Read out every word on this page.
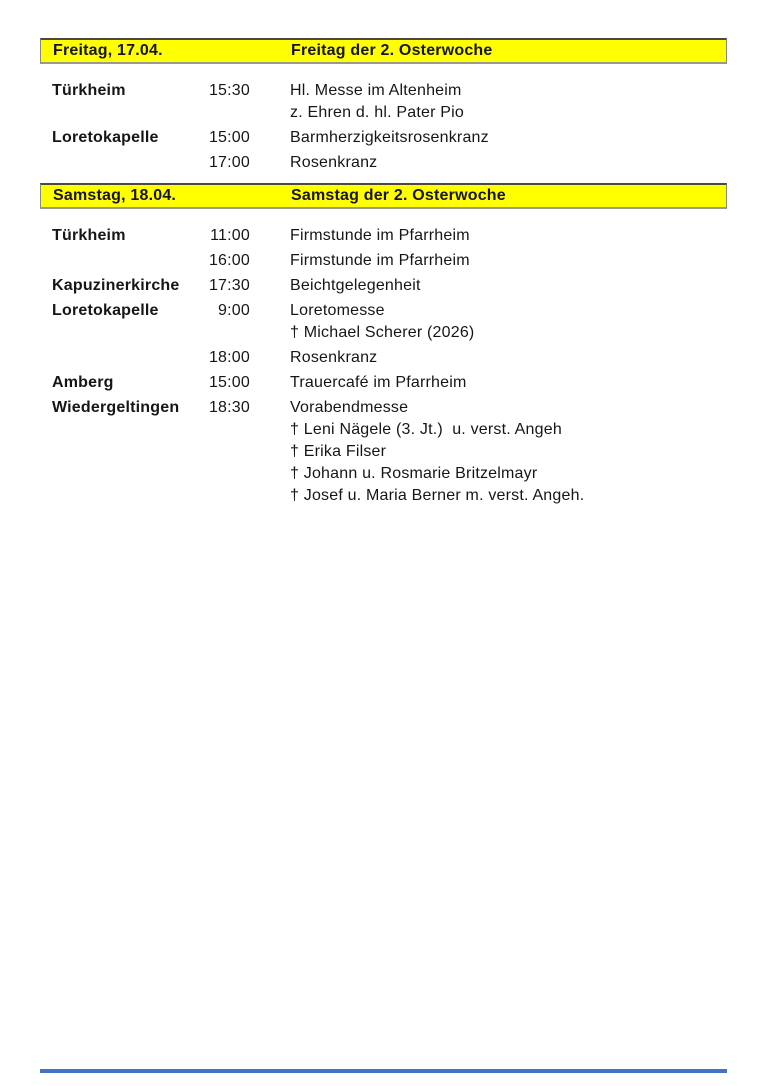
Freitag, 17.04.	Freitag der 2. Osterwoche
Türkheim	15:30	Hl. Messe im Altenheim
z. Ehren d. hl. Pater Pio
Loretokapelle	15:00	Barmherzigkeitsrosenkranz
17:00	Rosenkranz
Samstag, 18.04.	Samstag der 2. Osterwoche
Türkheim	11:00	Firmstunde im Pfarrheim
16:00	Firmstunde im Pfarrheim
Kapuzinerkirche	17:30	Beichtgelegenheit
Loretokapelle	9:00	Loretomesse
† Michael Scherer (2026)
18:00	Rosenkranz
Amberg	15:00	Trauercafé im Pfarrheim
Wiedergeltingen	18:30	Vorabendmesse
† Leni Nägele (3. Jt.)  u. verst. Angeh
† Erika Filser
† Johann u. Rosmarie Britzelmayr
† Josef u. Maria Berner m. verst. Angeh.
